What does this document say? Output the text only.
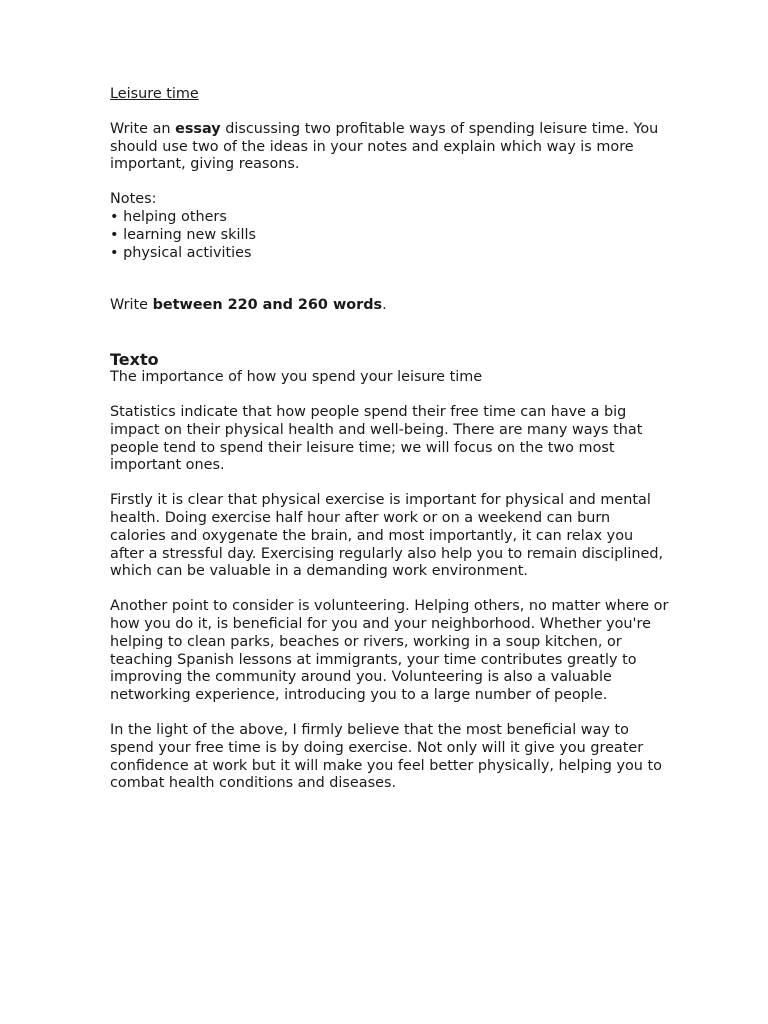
Leisure time

Write an essay discussing two profitable ways of spending leisure time. You should use two of the ideas in your notes and explain which way is more important, giving reasons.

Notes:

• helping others
• learning new skills
• physical activities

Write between 220 and 260 words.

Texto

The importance of how you spend your leisure time

Statistics indicate that how people spend their free time can have a big impact on their physical health and well-being. There are many ways that people tend to spend their leisure time; we will focus on the two most important ones.

Firstly it is clear that physical exercise is important for physical and mental health. Doing exercise half hour after work or on a weekend can burn calories and oxygenate the brain, and most importantly, it can relax you after a stressful day. Exercising regularly also help you to remain disciplined, which can be valuable in a demanding work environment.

Another point to consider is volunteering. Helping others, no matter where or how you do it, is beneficial for you and your neighborhood. Whether you're helping to clean parks, beaches or rivers, working in a soup kitchen, or teaching Spanish lessons at immigrants, your time contributes greatly to improving the community around you. Volunteering is also a valuable networking experience, introducing you to a large number of people.

In the light of the above, I firmly believe that the most beneficial way to spend your free time is by doing exercise. Not only will it give you greater confidence at work but it will make you feel better physically, helping you to combat health conditions and diseases.
